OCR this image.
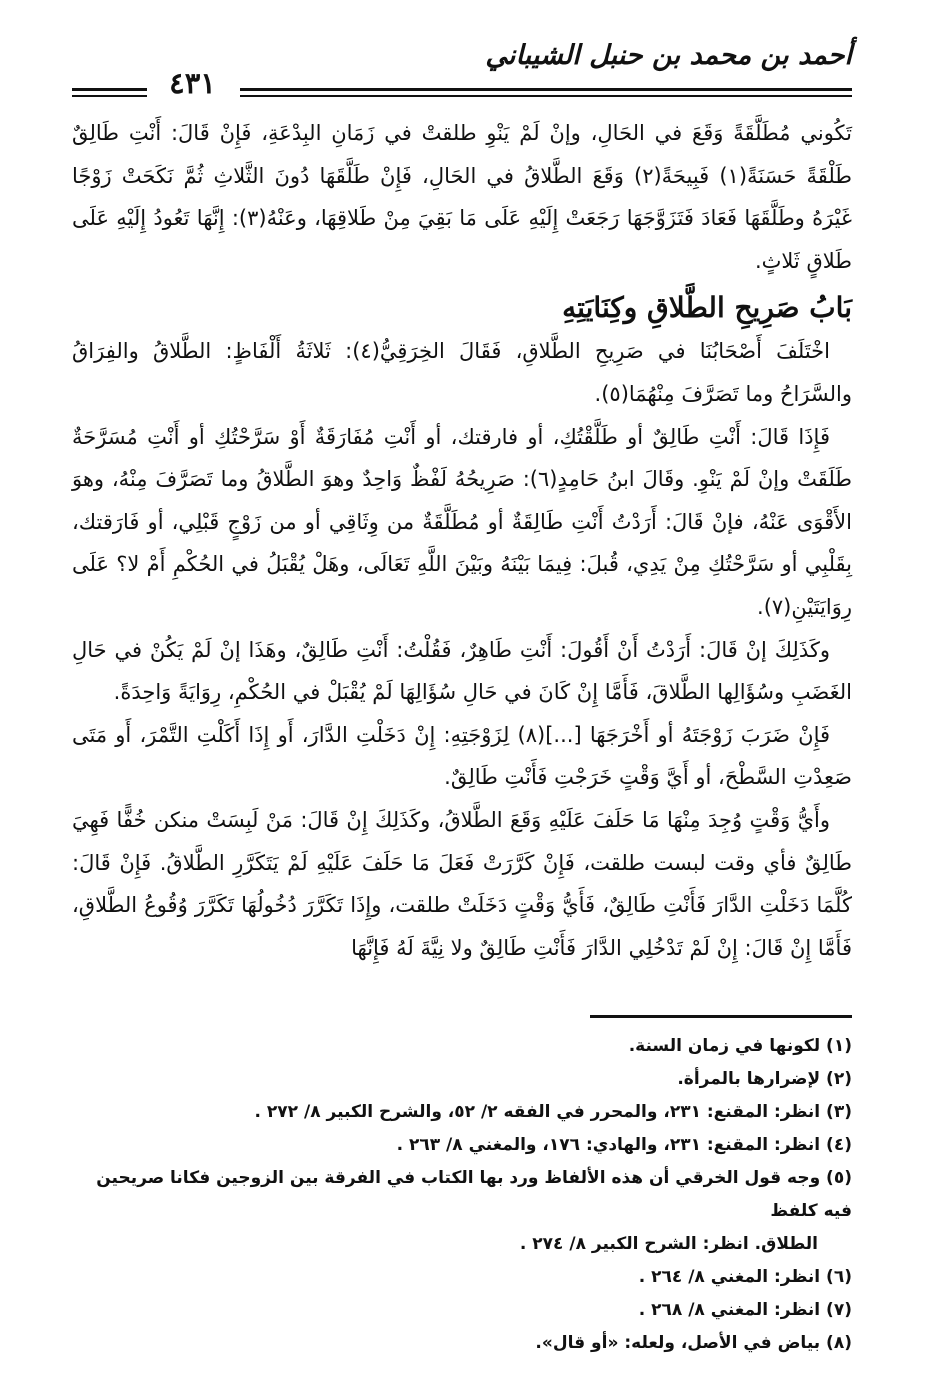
أحمد بن محمد بن حنبل الشيباني
٤٣١

تَكُوني مُطَلَّقَةً وَقَعَ في الحَالِ، وإنْ لَمْ يَنْوِ طلقتْ في زَمَانِ البِدْعَةِ، فَإِنْ قَالَ: أَنْتِ طَالِقٌ طَلْقَةً حَسَنَةً(١) فَبِيحَةً(٢) وَقَعَ الطَّلاقُ في الحَالِ، فَإِنْ طَلَّقَهَا دُونَ الثَّلاثِ ثُمَّ نَكَحَتْ زَوْجًا غَيْرَهُ وطَلَّقَهَا فَعَادَ فَتَزَوَّجَهَا رَجَعَتْ إِلَيْهِ عَلَى مَا بَقِيَ مِنْ طَلاقِهَا، وعَنْهُ(٣): إِنَّهَا تَعُودُ إِلَيْهِ عَلَى طَلاقٍ ثَلاثٍ.

بَابُ صَرِيحِ الطَّلاقِ وكِنَايَتِهِ

اخْتَلَفَ أَصْحَابُنَا في صَرِيحِ الطَّلاقِ، فَقَالَ الخِرَقِيُّ(٤): ثَلاثَةُ أَلْفَاظٍ: الطَّلاقُ والفِرَاقُ والسَّرَاحُ وما تَصَرَّفَ مِنْهُمَا(٥).

فَإِذَا قَالَ: أَنْتِ طَالِقٌ أو طَلَّقْتُكِ، أو فارقتك، أو أَنْتِ مُفَارَقَةٌ أَوْ سَرَّحْتُكِ أو أَنْتِ مُسَرَّحَةٌ طَلَقَتْ وإنْ لَمْ يَنْوِ. وقَالَ ابنُ حَامِدٍ(٦): صَرِيحُهُ لَفْظٌ وَاحِدٌ وهوَ الطَّلاقُ وما تَصَرَّفَ مِنْهُ، وهوَ الأَقْوَى عَنْهُ، فإنْ قَالَ: أَرَدْتُ أَنْتِ طَالِقَةٌ أو مُطَلَّقَةٌ من وِثَاقِي أو من زَوْجٍ قَبْلِي، أو فَارَقتك، بِقَلْبِي أو سَرَّحْتُكِ مِنْ يَدِي، قُبلَ: فِيمَا بَيْنَهُ وبَيْنَ اللَّهِ تَعَالَى، وهَلْ يُقْبَلُ في الحُكْمِ أَمْ لا؟ عَلَى رِوَايَتَيْنِ(٧).

وكَذَلِكَ إنْ قَالَ: أَرَدْتُ أَنْ أَقُولَ: أَنْتِ طَاهِرٌ، فَقُلْتُ: أَنْتِ طَالِقٌ، وهَذَا إنْ لَمْ يَكُنْ في حَالِ الغَضَبِ وسُؤَالِها الطَّلاقَ، فَأَمَّا إِنْ كَانَ في حَالِ سُؤَالِهَا لَمْ يُقْبَلْ في الحُكْمِ، رِوَايَةً وَاحِدَةً.

فَإِنْ ضَرَبَ زَوْجَتَهُ أو أَخْرَجَهَا [...](٨) لِزَوْجَتِهِ: إِنْ دَخَلْتِ الدَّارَ، أَو إِذَا أَكَلْتِ التَّمْرَ، أَو مَتَى صَعِدْتِ السَّطْحَ، أو أَيَّ وَقْتٍ خَرَجْتِ فَأَنْتِ طَالِقٌ.

وأَيُّ وَقْتٍ وُجِدَ مِنْهَا مَا حَلَفَ عَلَيْهِ وَقَعَ الطَّلاقُ، وكَذَلِكَ إِنْ قَالَ: مَنْ لَبِسَتْ منكن خُفًّا فَهِيَ طَالِقٌ فأي وقت لبست طلقت، فَإِنْ كَرَّرَتْ فَعَلَ مَا حَلَفَ عَلَيْهِ لَمْ يَتَكَرَّرِ الطَّلاقُ. فَإِنْ قَالَ: كُلَّمَا دَخَلْتِ الدَّارَ فَأَنْتِ طَالِقٌ، فَأَيُّ وَقْتٍ دَخَلَتْ طلقت، وإِذَا تَكَرَّرَ دُخُولُهَا تَكَرَّرَ وُقُوعُ الطَّلاقِ، فَأَمَّا إِنْ قَالَ: إِنْ لَمْ تَدْخُلِي الدَّارَ فَأَنْتِ طَالِقٌ ولا نِيَّةَ لَهُ فَإِنَّهَا

(١) لكونها في زمان السنة.
(٢) لإضرارها بالمرأة.
(٣) انظر: المقنع: ٢٣١، والمحرر في الفقه ٢/ ٥٢، والشرح الكبير ٨/ ٢٧٢ .
(٤) انظر: المقنع: ٢٣١، والهادي: ١٧٦، والمغني ٨/ ٢٦٣ .
(٥) وجه قول الخرقي أن هذه الألفاظ ورد بها الكتاب في الفرقة بين الزوجين فكانا صريحين فيه كلفظ
الطلاق. انظر: الشرح الكبير ٨/ ٢٧٤ .
(٦) انظر: المغني ٨/ ٢٦٤ .
(٧) انظر: المغني ٨/ ٢٦٨ .
(٨) بياض في الأصل، ولعله: «أو قال».
